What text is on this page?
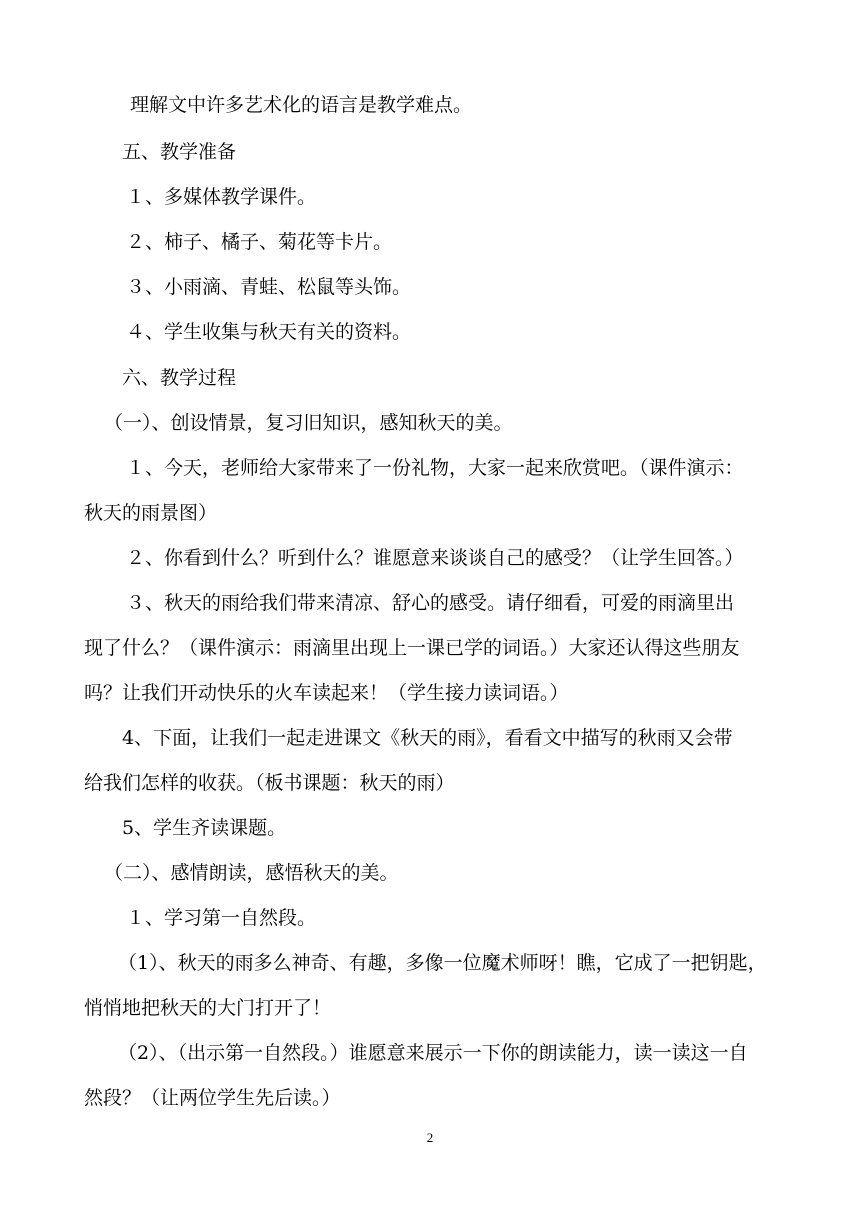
理解文中许多艺术化的语言是教学难点。
五、教学准备
１、多媒体教学课件。
２、柿子、橘子、菊花等卡片。
３、小雨滴、青蛙、松鼠等头饰。
４、学生收集与秋天有关的资料。
六、教学过程
（一）、创设情景，复习旧知识，感知秋天的美。
１、今天，老师给大家带来了一份礼物，大家一起来欣赏吧。（课件演示：
秋天的雨景图）
２、你看到什么？听到什么？谁愿意来谈谈自己的感受？（让学生回答。）
３、秋天的雨给我们带来清凉、舒心的感受。请仔细看，可爱的雨滴里出
现了什么？（课件演示：雨滴里出现上一课已学的词语。）大家还认得这些朋友
吗？让我们开动快乐的火车读起来！（学生接力读词语。）
4、下面，让我们一起走进课文《秋天的雨》，看看文中描写的秋雨又会带
给我们怎样的收获。（板书课题：秋天的雨）
5、学生齐读课题。
（二）、感情朗读，感悟秋天的美。
１、学习第一自然段。
（1）、秋天的雨多么神奇、有趣，多像一位魔术师呀！瞧，它成了一把钥匙，
悄悄地把秋天的大门打开了！
（2）、（出示第一自然段。）谁愿意来展示一下你的朗读能力，读一读这一自
然段？（让两位学生先后读。）
2
